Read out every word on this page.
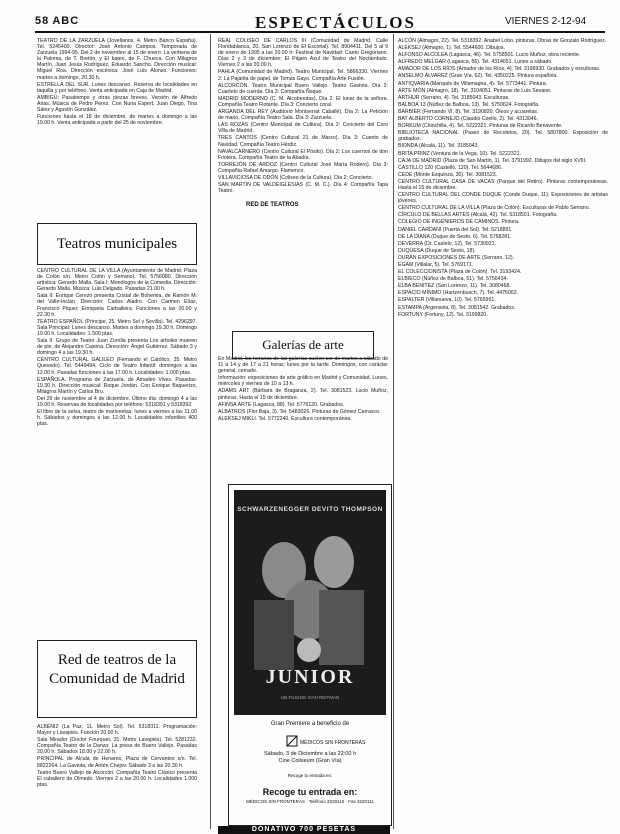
58 ABC	ESPECTÁCULOS	VIERNES 2-12-94

TEATRO DE LA ZARZUELA (Jovellanos, 4. Metro Banco España). Tel. 5245400. Director: José Antonio Campos. Temporada de Zarzuela 1994-95. Del 2 de noviembre al 15 de enero: La verbena de la Paloma, de T. Bretón, y El bateo, de F. Chueca. Con Milagros Martín, Juan Jesús Rodríguez, Eduardo Sancho. Dirección musical: Miguel Roa. Dirección escénica: José Luis Alonso. Funciones: martes a domingo, 20.30 h.

ESTRELLA DEL SUR. Lunes descanso. Reserva de localidades en taquilla y por teléfono. Venta anticipada en Caja de Madrid.

AMBIGÚ: Pasatiempo y otras piezas breves. Versión de Alfredo Arias. Música de Pedro Pérez. Con Nuria Espert, Juan Diego, Tina Sáinz y Agustín González.

Funciones hasta el 18 de diciembre, de martes a domingo a las 19.00 h. Venta anticipada a partir del 25 de noviembre.

Teatros municipales

CENTRO CULTURAL DE LA VILLA (Ayuntamiento de Madrid. Plaza de Colón s/n. Metro Colón y Serrano). Tel. 5756080. Dirección artística: Gerardo Malla. Sala I: Monólogos de la Comedia. Dirección: Gerardo Malla. Música: Luis Delgado. Pasadas 21.00 h.

Sala II: Enrique Cerezo presenta Cristal de Bohemia, de Ramón M. del Valle-Inclán. Dirección: Carlos Aladro. Con Carmen Elías, Francisco Piquer, Enriqueta Carballeira. Funciones a las 20.00 y 22.30 h.

TEATRO ESPAÑOL (Príncipe, 25. Metro Sol y Sevilla). Tel. 4296297. Sala Principal: Lunes descanso. Martes a domingo 19.30 h. Domingo 19.00 h. Localidades: 1.500 ptas.

Sala II: Grupo de Teatro Juan Zorrilla presenta Los árboles mueren de pie, de Alejandro Casona. Dirección: Ángel Gutiérrez. Sábado 3 y domingo 4 a las 19.30 h.

CENTRO CULTURAL GALILEO (Fernando el Católico, 35. Metro Quevedo). Tel. 5449494. Ciclo de Teatro Infantil: domingos a las 12.00 h. Pasadas funciones a las 17.00 h. Localidades: 1.000 ptas.

ESPAÑOLA. Programa de Zarzuela, de Amadeo Vives. Pasadas: 19.30 h. Dirección musical: Roque Jordán. Con Enrique Baquerizo, Milagros Martín y Carlos Bru.

Del 29 de noviembre al 4 de diciembre. Último día: domingo 4 a las 19.00 h. Reservas de localidades por teléfono: 5318391 y 5318392.

El libro de la selva, teatro de marionetas: lunes a viernes a las 11.00 h. Sábados y domingos a las 12.00 h. Localidades infantiles 400 ptas.

Red de teatros de la
Comunidad de Madrid

ALBÉNIZ (La Paz, 11. Metro Sol). Tel. 5318311. Programación: Mayor y Lavapiés. Función 20.00 h.

Sala Mirador (Doctor Fourquet, 31. Metro Lavapiés). Tel. 5281232. Compañía Teatro de la Danza: La presa de Buero Vallejo. Pasadas 20.00 h. Sábados 18.00 y 22.00 h.

PRINCIPAL de Alcalá de Henares, Plaza de Cervantes s/n. Tel. 8822264. La Gaviota, de Antón Chejov. Sábado 3 a las 20.30 h.

Teatro Buero Vallejo de Alcorcón: Compañía Teatro Clásico presenta El caballero de Olmedo. Viernes 2 a las 20.00 h. Localidades 1.000 ptas.

REAL COLISEO DE CARLOS III (Comunidad de Madrid. Calle Floridablanca, 20. San Lorenzo de El Escorial). Tel. 8904411. Del 5 al 9 de enero de 1995 a las 20.00 h: Festival de Navidad: Canto Gregoriano. Días 2 y 3 de diciembre: El Pájaro Azul de Teatro del Noctámbulo. Viernes 2 a las 20.00 h.

PAHLA (Comunidad de Madrid). Teatro Municipal. Tel. 5866330. Viernes 2: La Pajarita de papel, de Tomás Gayo. Compañía Arte Fusión.

ALCORCÓN. Teatro Municipal Buero Vallejo. Teatro Gaviota. Día 2: Cuarteto de cuerda. Día 3: Compañía Ñaque.

MADRID MODERNO (C. M. Alcobendas). Día 2: El lunar de la señora. Compañía Teatro Flotante. Día 3: Concierto coral.

ARGANDA DEL REY (Auditorio Montserrat Caballé). Día 2: La Petición de mano, Compañía Teatro Sala. Día 3: Zarzuela.

LAS ROZAS (Centro Municipal de Cultura). Día 2: Concierto del Coro Villa de Madrid.

TRES CANTOS (Centro Cultural 21 de Marzo). Día 3: Cuento de Navidad. Compañía Teatro Hérdiz.

NAVALCARNERO (Centro Cultural El Pósito). Día 2: Los cuernos de don Friolera. Compañía Teatro de la Abadía.

TORREJÓN DE ARDOZ (Centro Cultural José María Rodero). Día 3: Compañía Rafael Amargo. Flamenco.

VILLAVICIOSA DE ODÓN (Coliseo de la Cultura). Día 2: Concierto.

SAN MARTÍN DE VALDEIGLESIAS (C. M. C.). Día 4: Compañía Tapa Teatro.

RED DE TEATROS
Galerías de arte

En Madrid, los horarios de las galerías suelen ser de martes a sábado de 11 a 14 y de 17 a 21 horas; lunes por la tarde. Domingos, con carácter general, cerrado.

Información: exposiciones de arte gráfico en Madrid y Comunidad. Lunes, miércoles y viernes de 10 a 13 h.

ADAMS ART (Bárbara de Braganza, 2). Tel. 3081523. Lucio Muñoz, pinturas. Hasta el 15 de diciembre.

AFINSA ARTE (Lagasca, 88). Tel. 5776120. Grabados.

ALBATROS (Flor Baja, 3). Tel. 5483026. Pinturas de Gómez Carrasco.

ALEKSEJ MIKLI. Tel. 5772240. Escultura contemporánea.

SCHWARZENEGGER DEVITO THOMPSON
JUNIOR
UN FILM DE IVAN REITMAN
Gran Premiere a beneficio de
MÉDICOS SIN FRONTERAS
Sábado, 3 de Diciembre a las 22:00 h
Cine Coliseum (Gran Vía)
Recoge tu entrada en:
Recoge tu entrada en:
MÉDICOS SIN FRONTERAS · Teléfono 3220110 · Fax 3220111
DONATIVO 700 PESETAS

ALCÓN (Almagro, 22). Tel. 5318392. Anabel Lobo, pinturas. Obras de Gonzalo Rodríguez.

ALEKSEJ (Almagro, 1). Tel. 5544600. Dibujos.

ALFONSO ALCOLEA (Lagasca, 46). Tel. 5758501. Lucio Muñoz, obra reciente.

ALFREDO MELGAR (Lagasca, 56). Tel. 4314651. Lunes a sábado.

AMADOR DE LOS RÍOS (Amador de los Ríos, 4). Tel. 3196930. Grabados y esculturas.

ANSELMO ÁLVAREZ (Gran Vía, 62). Tel. 4350225. Pintura española.

ANTIQVARIA (Marqués de Villamagna, 4). Tel. 5773441. Pintura.

ARTE MÓN (Almagro, 18). Tel. 3104051. Pinturas de Luis Seoane.

ARTHUR (Serrano, 4). Tel. 3185043. Esculturas.

BALBOA 13 (Núñez de Balboa, 13). Tel. 5750624. Fotografía.

BARBIER (Fernando VI, 8). Tel. 3190820. Óleos y acuarelas.

BAT ALBERTO CORNEJO (Claudio Coello, 2). Tel. 4313046.

BORKUM (Chinchilla, 4). Tel. 5222321. Pinturas de Ricardo Benavente.

BIBLIOTECA NACIONAL (Paseo de Recoletos, 20). Tel. 5807800. Exposición de grabados.

BIONDA (Alcalá, 11). Tel. 3185043.

BRITA PRINZ (Ventura de la Vega, 10). Tel. 5222321.

CAJA DE MADRID (Plaza de San Martín, 1). Tel. 3791992. Dibujos del siglo XVIII.

CASTILLO 120 (Castelló, 120). Tel. 5644686.

CEDE (Monte Esquinza, 30). Tel. 3081523.

CENTRO CULTURAL CASA DE VACAS (Parque del Retiro). Pinturas contemporáneas. Hasta el 15 de diciembre.

CENTRO CULTURAL DEL CONDE DUQUE (Conde Duque, 11). Exposiciones de artistas jóvenes.

CENTRO CULTURAL DE LA VILLA (Plaza de Colón). Esculturas de Pablo Serrano.

CÍRCULO DE BELLAS ARTES (Alcalá, 42). Tel. 5318501. Fotografía.

COLEGIO DE INGENIEROS DE CAMINOS. Pintura.

DANIEL CARDANI (Puerta del Sol). Tel. 5218891.

DE LA DIANA (Duque de Sesto, 6). Tel. 5768281.

DEVERRA (Dr. Castelo, 12). Tel. 5730921.

DUQUESA (Duque de Sesto, 18).

DURÁN EXPOSICIONES DE ARTE (Serrano, 12).

EGAM (Villalar, 5). Tel. 5769171.

EL COLECCIONISTA (Plaza de Colón). Tel. 3193424.

ELBIECO (Núñez de Balboa, 61). Tel. 5756434.

ELBA BENÍTEZ (San Lorenzo, 11). Tel. 3080468.

ESPACIO MÍNIMO (Hartzenbusch, 7). Tel. 4475062.

ESPALTER (Villanueva, 10). Tel. 5765961.

ESTAMPA (Argensola, 8). Tel. 3081542. Grabados.

FORTUNY (Fortuny, 12). Tel. 3199820.
